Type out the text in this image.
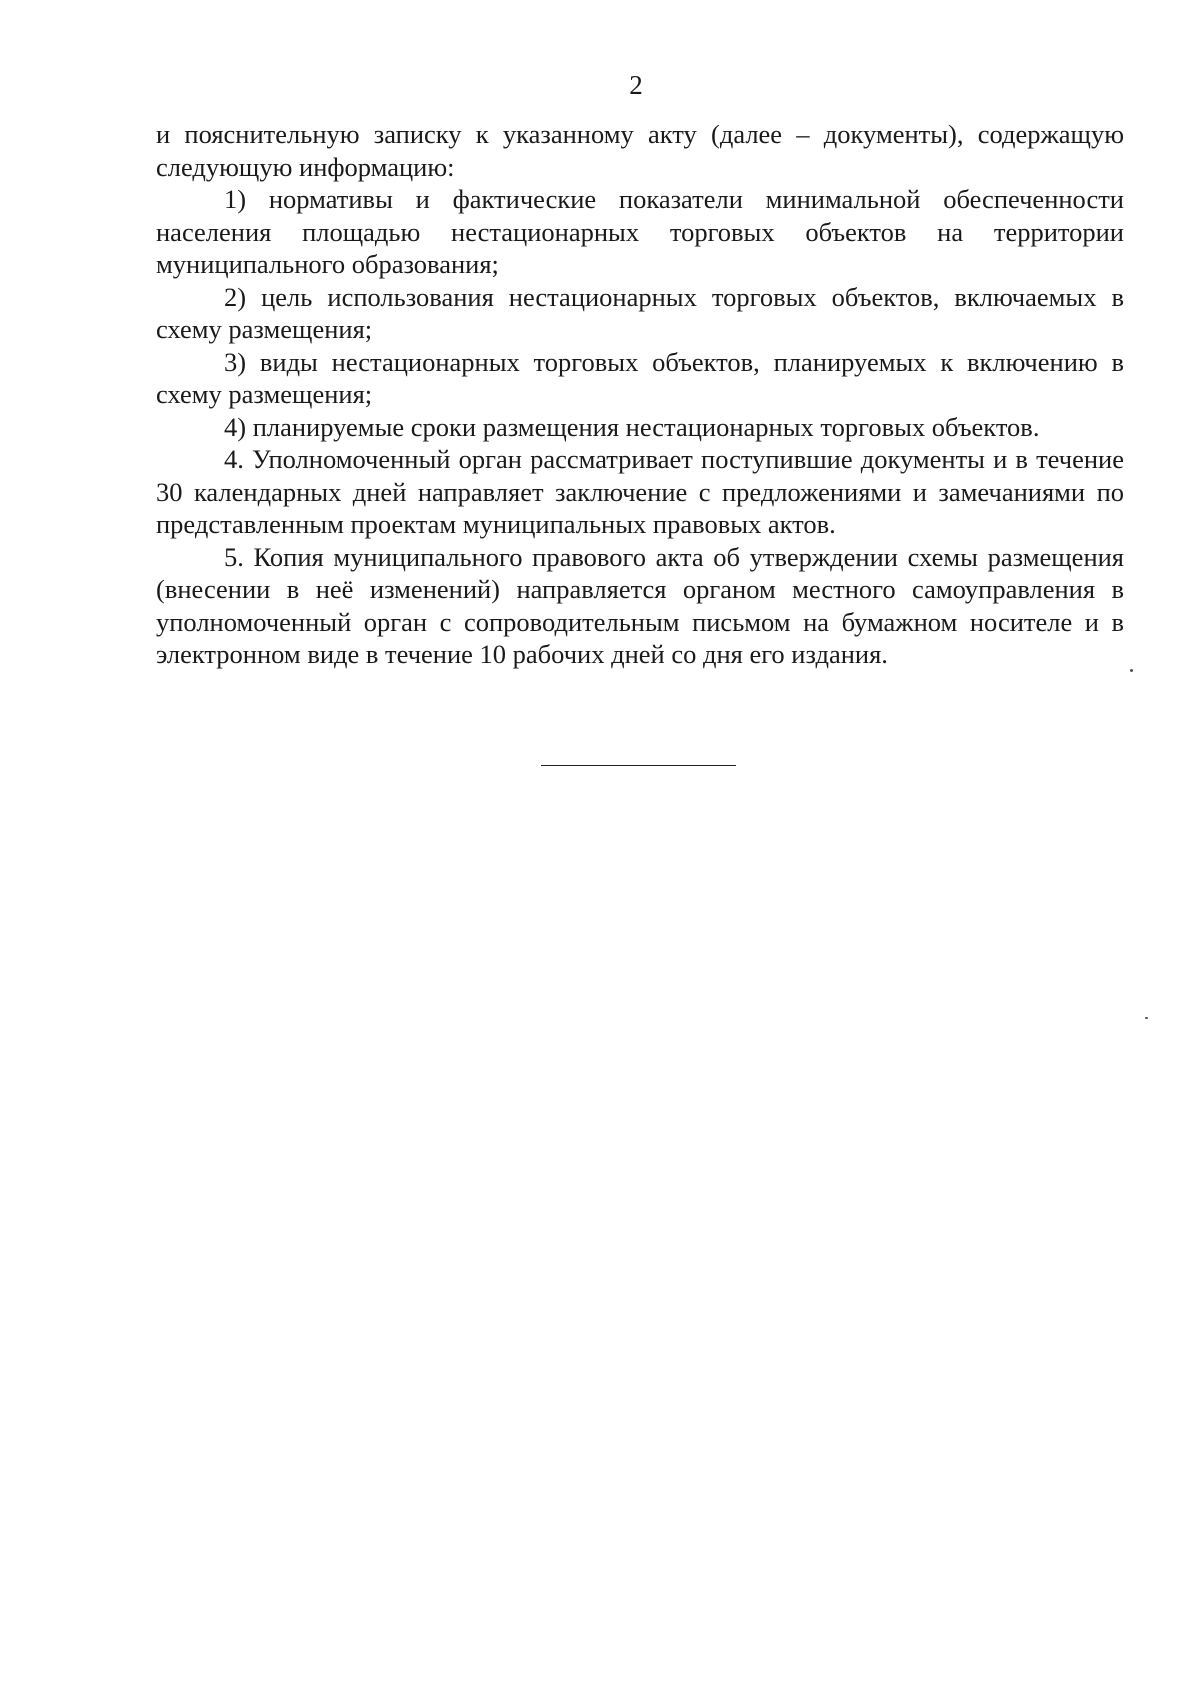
2

и пояснительную записку к указанному акту (далее – документы), содержащую следующую информацию:

1) нормативы и фактические показатели минимальной обеспеченности населения площадью нестационарных торговых объектов на территории муниципального образования;

2) цель использования нестационарных торговых объектов, включаемых в схему размещения;

3) виды нестационарных торговых объектов, планируемых к включению в схему размещения;

4) планируемые сроки размещения нестационарных торговых объектов.

4. Уполномоченный орган рассматривает поступившие документы и в течение 30 календарных дней направляет заключение с предложениями и замечаниями по представленным проектам муниципальных правовых актов.

5. Копия муниципального правового акта об утверждении схемы размещения (внесении в неё изменений) направляется органом местного самоуправления в уполномоченный орган с сопроводительным письмом на бумажном носителе и в электронном виде в течение 10 рабочих дней со дня его издания.
